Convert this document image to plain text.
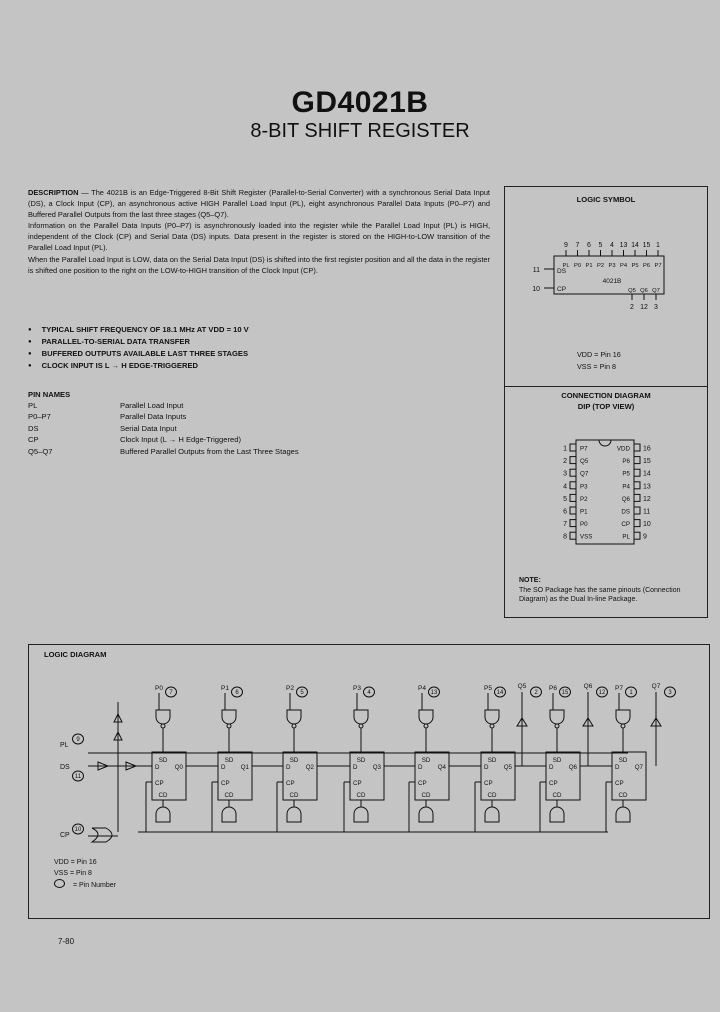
GD4021B
8-BIT SHIFT REGISTER

DESCRIPTION — The 4021B is an Edge-Triggered 8-Bit Shift Register (Parallel-to-Serial Converter) with a synchronous Serial Data Input (DS), a Clock Input (CP), an asynchronous active HIGH Parallel Load Input (PL), eight asynchronous Parallel Data Inputs (P0–P7) and Buffered Parallel Outputs from the last three stages (Q5–Q7).

Information on the Parallel Data Inputs (P0–P7) is asynchronously loaded into the register while the Parallel Load Input (PL) is HIGH, independent of the Clock (CP) and Serial Data (DS) inputs. Data present in the register is stored on the HIGH-to-LOW transition of the Parallel Load Input (PL).

When the Parallel Load Input is LOW, data on the Serial Data Input (DS) is shifted into the first register position and all the data in the register is shifted one position to the right on the LOW-to-HIGH transition of the Clock Input (CP).

● TYPICAL SHIFT FREQUENCY OF 18.1 MHz AT VDD = 10 V
● PARALLEL-TO-SERIAL DATA TRANSFER
● BUFFERED OUTPUTS AVAILABLE LAST THREE STAGES
● CLOCK INPUT IS L → H EDGE-TRIGGERED
PIN NAMES
PL	Parallel Load Input
P0–P7	Parallel Data Inputs
DS	Serial Data Input
CP	Clock Input (L → H Edge-Triggered)
Q5–Q7	Buffered Parallel Outputs from the Last Three Stages
LOGIC SYMBOL
CONNECTION DIAGRAM
DIP (TOP VIEW)
9
PL
7
P0
6
P1
5
P2
4
P3
13
P4
14
P5
15
P6
1
P7
11
10
DS
CP
4021B
Q5
2
Q6
12
Q7
3
VDD = Pin 16
VSS = Pin 8
1 P7
2 Q5
3 Q7
4 P3
5 P2
6 P1
7 P0
8 VSS
16
VDD
15
P6
14
P5
13
P4
12
Q6
11
DS
10
CP
9
PL
NOTE:
The SO Package has the same pinouts (Connection Diagram) as the Dual In-line Package.
LOGIC DIAGRAM
PL
9
DS
11
CP
10
P0
7
SD
D Q0
CP
CD
P1
6
SD
D Q1
CP
CD
P2
5
SD
D Q2
CP
CD
P3
4
SD
D Q3
CP
CD
P4
13
SD
D Q4
CP
CD
P5
14
SD
D Q5
CP
CD
P6
15
SD
D Q6
CP
CD
P7
1
SD
D Q7
CP
CD
Q5
2
Q6
12
Q7
3
VDD = Pin 16
VSS = Pin 8
= Pin Number
7-80
